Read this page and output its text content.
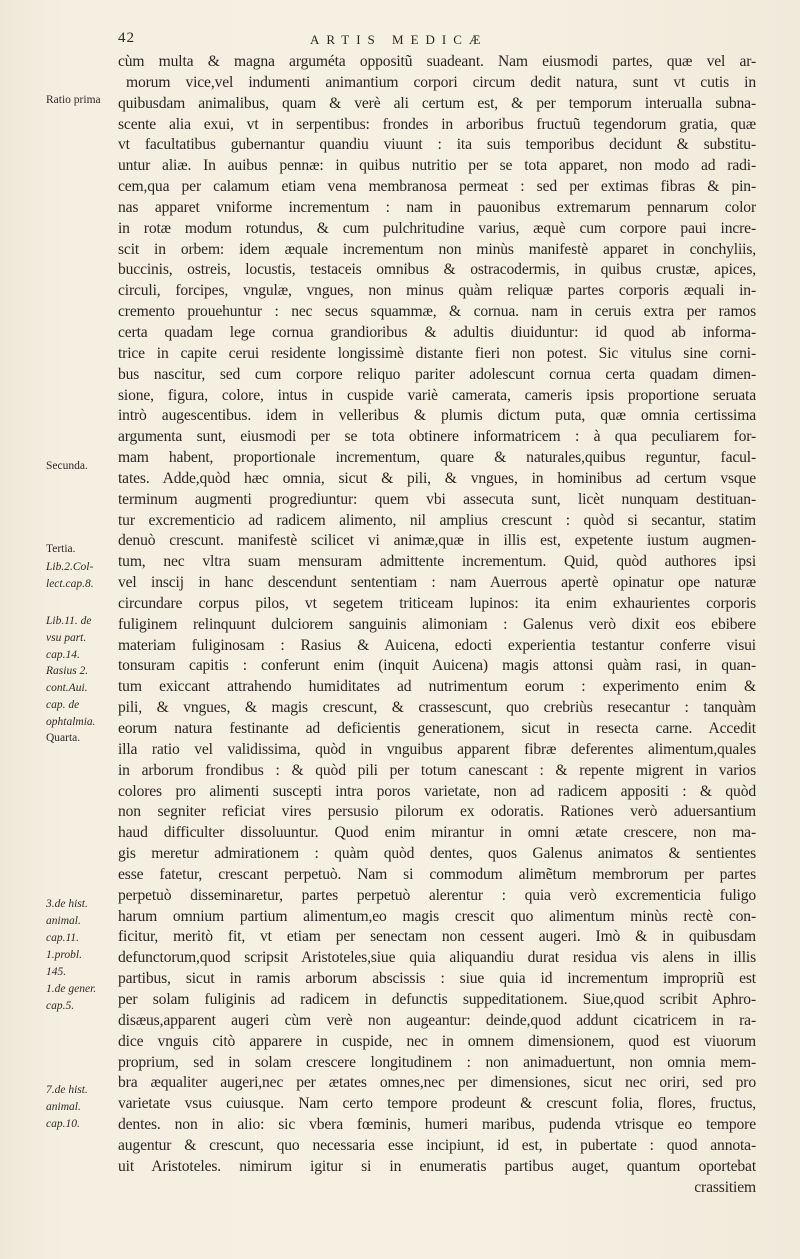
42	ARTIS MEDICÆ
cùm multa & magna arguméta oppositũ suadeant. Nam eiusmodi partes, quæ vel ar-
morum vice,vel indumenti animantium corpori circum dedit natura, sunt vt cutis in
quibusdam animalibus, quam & verè ali certum est, & per temporum interualla subna-
scente alia exui, vt in serpentibus: frondes in arboribus fructuũ tegendorum gratia, quæ
vt facultatibus gubernantur quandiu viuunt : ita suis temporibus decidunt & substitu-
untur aliæ. In auibus pennæ: in quibus nutritio per se tota apparet, non modo ad radi-
cem,qua per calamum etiam vena membranosa permeat : sed per extimas fibras & pin-
nas apparet vniforme incrementum : nam in pauonibus extremarum pennarum color
in rotæ modum rotundus, & cum pulchritudine varius, æquè cum corpore paui incre-
scit in orbem: idem æquale incrementum non minùs manifestè apparet in conchyliis,
buccinis, ostreis, locustis, testaceis omnibus & ostracodermis, in quibus crustæ, apices,
circuli, forcipes, vngulæ, vngues, non minus quàm reliquæ partes corporis æquali in-
cremento prouehuntur : nec secus squammæ, & cornua. nam in ceruis extra per ramos
certa quadam lege cornua grandioribus & adultis diuiduntur: id quod ab informa-
trice in capite cerui residente longissimè distante fieri non potest. Sic vitulus sine corni-
bus nascitur, sed cum corpore reliquo pariter adolescunt cornua certa quadam dimen-
sione, figura, colore, intus in cuspide variè camerata, cameris ipsis proportione seruata
intrò augescentibus. idem in velleribus & plumis dictum puta, quæ omnia certissima
argumenta sunt, eiusmodi per se tota obtinere informatricem : à qua peculiarem for-
mam habent, proportionale incrementum, quare & naturales,quibus reguntur, facul-
tates. Adde,quòd hæc omnia, sicut & pili, & vngues, in hominibus ad certum vsque
terminum augmenti progrediuntur: quem vbi assecuta sunt, licèt nunquam destituan-
tur excrementicio ad radicem alimento, nil amplius crescunt : quòd si secantur, statim
denuò crescunt. manifestè scilicet vi animæ,quæ in illis est, expetente iustum augmen-
tum, nec vltra suam mensuram admittente incrementum. Quid, quòd authores ipsi
vel inscij in hanc descendunt sententiam : nam Auerrous apertè opinatur ope naturæ
circundare corpus pilos, vt segetem triticeam lupinos: ita enim exhaurientes corporis
fuliginem relinquunt dulciorem sanguinis alimoniam : Galenus verò dixit eos ebibere
materiam fuliginosam : Rasius & Auicena, edocti experientia testantur conferre visui
tonsuram capitis : conferunt enim (inquit Auicena) magis attonsi quàm rasi, in quan-
tum exiccant attrahendo humiditates ad nutrimentum eorum : experimento enim &
pili, & vngues, & magis crescunt, & crassescunt, quo crebriùs resecantur : tanquàm
eorum natura festinante ad deficientis generationem, sicut in resecta carne. Accedit
illa ratio vel validissima, quòd in vnguibus apparent fibræ deferentes alimentum,quales
in arborum frondibus : & quòd pili per totum canescant : & repente migrent in varios
colores pro alimenti suscepti intra poros varietate, non ad radicem appositi : & quòd
non segniter reficiat vires persusio pilorum ex odoratis. Rationes verò aduersantium
haud difficulter dissoluuntur. Quod enim mirantur in omni ætate crescere, non ma-
gis meretur admirationem : quàm quòd dentes, quos Galenus animatos & sentientes
esse fatetur, crescant perpetuò. Nam si commodum alimẽtum membrorum per partes
perpetuò disseminaretur, partes perpetuò alerentur : quia verò excrementicia fuligo
harum omnium partium alimentum,eo magis crescit quo alimentum minùs rectè con-
ficitur, meritò fit, vt etiam per senectam non cessent augeri. Imò & in quibusdam
defunctorum,quod scripsit Aristoteles,siue quia aliquandiu durat residua vis alens in illis
partibus, sicut in ramis arborum abscissis : siue quia id incrementum impropriũ est
per solam fuliginis ad radicem in defunctis suppeditationem. Siue,quod scribit Aphro-
disæus,apparent augeri cùm verè non augeantur: deinde,quod addunt cicatricem in ra-
dice vnguis citò apparere in cuspide, nec in omnem dimensionem, quod est viuorum
proprium, sed in solam crescere longitudinem : non animaduertunt, non omnia mem-
bra æqualiter augeri,nec per ætates omnes,nec per dimensiones, sicut nec oriri, sed pro
varietate vsus cuiusque. Nam certo tempore prodeunt & crescunt folia, flores, fructus,
dentes. non in alio: sic vbera fœminis, humeri maribus, pudenda vtrisque eo tempore
augentur & crescunt, quo necessaria esse incipiunt, id est, in pubertate : quod annota-
uit Aristoteles. nimirum igitur si in enumeratis partibus auget, quantum oportebat
crassitiem
Ratio prima
Secunda.
Tertia.
Lib.2.Col-
lect.cap.8.
Lib.11. de
vsu part.
cap.14.
Rasius 2.
cont.Aui.
cap. de
ophtalmia.
Quarta.
3.de hist.
animal.
cap.11.
1.probl.
145.
1.de gener.
cap.5.
7.de hist.
animal.
cap.10.
